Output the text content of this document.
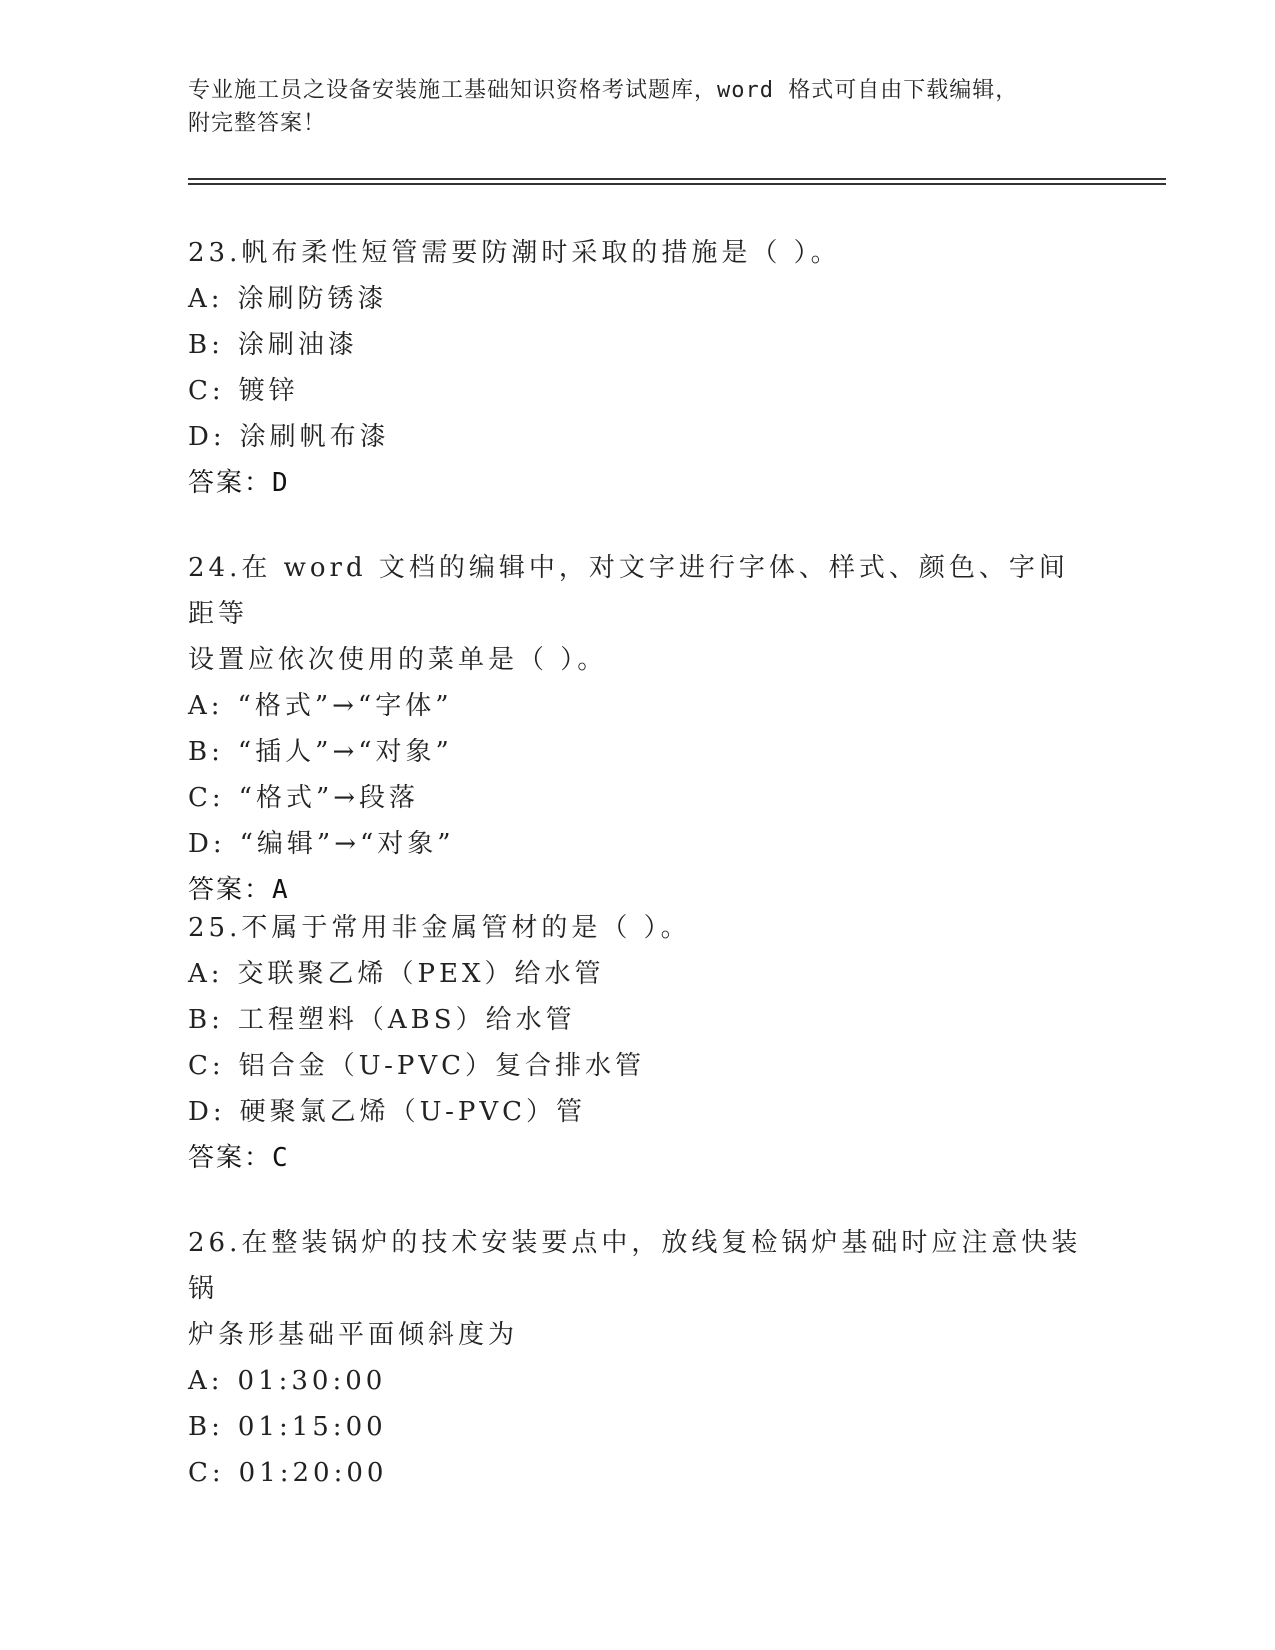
专业施工员之设备安装施工基础知识资格考试题库，word 格式可自由下载编辑，
附完整答案！

23.帆布柔性短管需要防潮时采取的措施是（ ）。

A: 涂刷防锈漆

B: 涂刷油漆

C: 镀锌

D: 涂刷帆布漆

答案：D

24.在 word 文档的编辑中，对文字进行字体、样式、颜色、字间距等

设置应依次使用的菜单是（ ）。

A: “格式”→“字体”

B: “插人”→“对象”

C: “格式”→段落

D: “编辑”→“对象”

答案：A

25.不属于常用非金属管材的是（ ）。

A: 交联聚乙烯（PEX）给水管

B: 工程塑料（ABS）给水管

C: 铝合金（U-PVC）复合排水管

D: 硬聚氯乙烯（U-PVC）管

答案：C

26.在整装锅炉的技术安装要点中，放线复检锅炉基础时应注意快装锅

炉条形基础平面倾斜度为

A: 01:30:00

B: 01:15:00

C: 01:20:00
